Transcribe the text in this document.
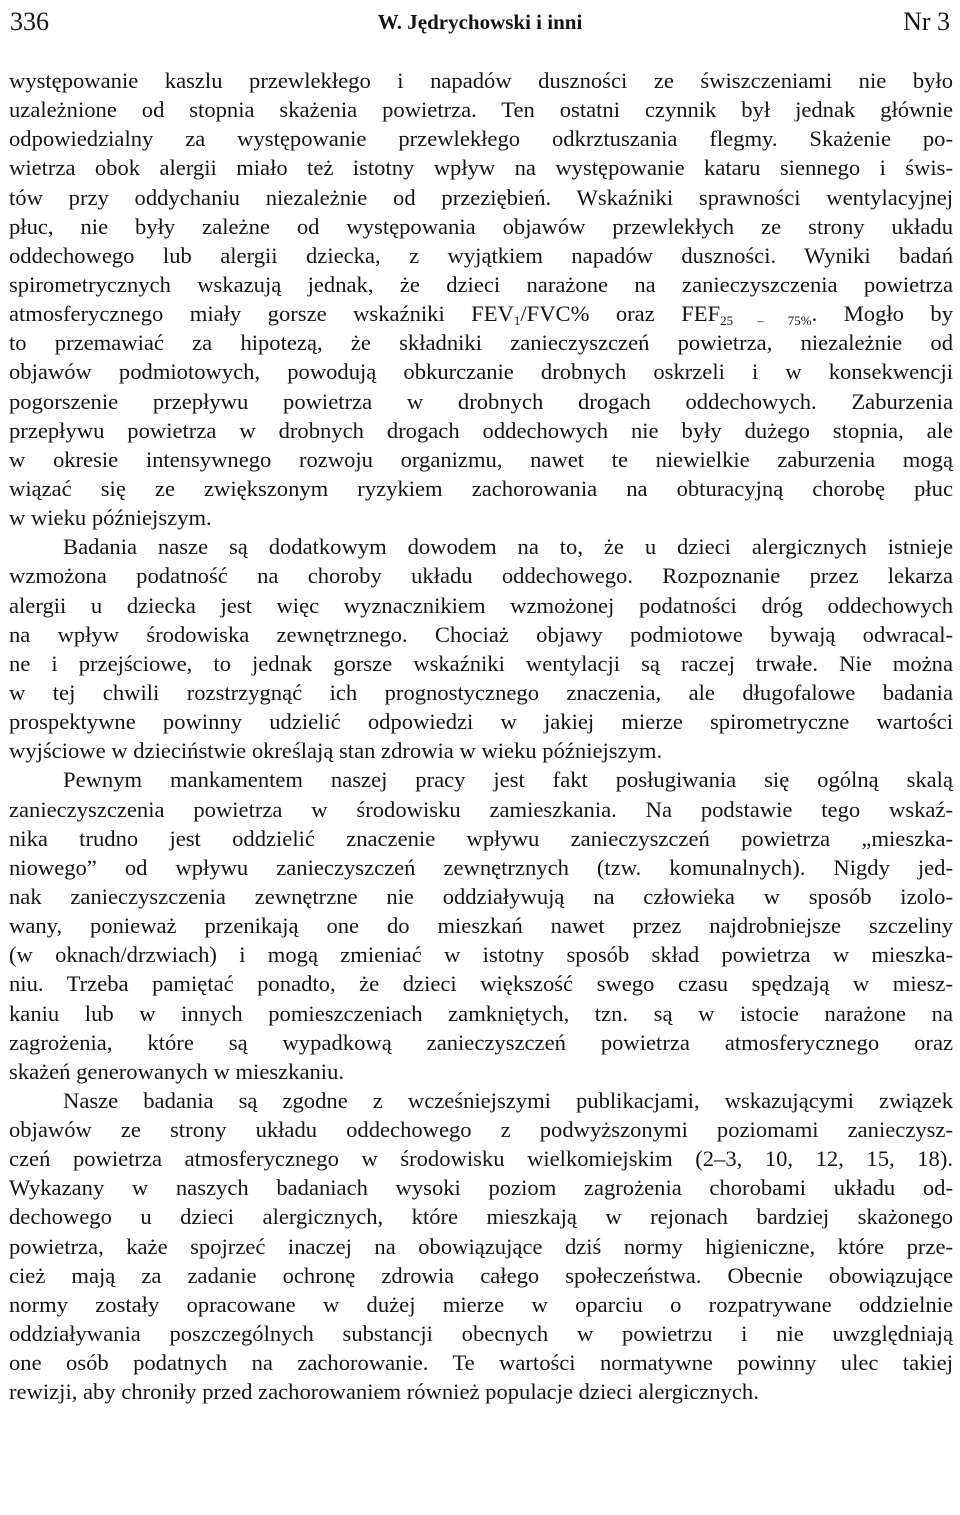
336	W. Jędrychowski i inni	Nr 3
występowanie kaszlu przewlekłego i napadów duszności ze świszczeniami nie było
uzależnione od stopnia skażenia powietrza. Ten ostatni czynnik był jednak głównie
odpowiedzialny za występowanie przewlekłego odkrztuszania flegmy. Skażenie po-
wietrza obok alergii miało też istotny wpływ na występowanie kataru siennego i świs-
tów przy oddychaniu niezależnie od przeziębień. Wskaźniki sprawności wentylacyjnej
płuc, nie były zależne od występowania objawów przewlekłych ze strony układu
oddechowego lub alergii dziecka, z wyjątkiem napadów duszności. Wyniki badań
spirometrycznych wskazują jednak, że dzieci narażone na zanieczyszczenia powietrza
atmosferycznego miały gorsze wskaźniki $FEV_1/FVC\%$ oraz $FEF_{25 - 75\%}$. Mogło by
to przemawiać za hipotezą, że składniki zanieczyszczeń powietrza, niezależnie od
objawów podmiotowych, powodują obkurczanie drobnych oskrzeli i w konsekwencji
pogorszenie przepływu powietrza w drobnych drogach oddechowych. Zaburzenia
przepływu powietrza w drobnych drogach oddechowych nie były dużego stopnia, ale
w okresie intensywnego rozwoju organizmu, nawet te niewielkie zaburzenia mogą
wiązać się ze zwiększonym ryzykiem zachorowania na obturacyjną chorobę płuc
w wieku późniejszym.
Badania nasze są dodatkowym dowodem na to, że u dzieci alergicznych istnieje
wzmożona podatność na choroby układu oddechowego. Rozpoznanie przez lekarza
alergii u dziecka jest więc wyznacznikiem wzmożonej podatności dróg oddechowych
na wpływ środowiska zewnętrznego. Chociaż objawy podmiotowe bywają odwracal-
ne i przejściowe, to jednak gorsze wskaźniki wentylacji są raczej trwałe. Nie można
w tej chwili rozstrzygnąć ich prognostycznego znaczenia, ale długofalowe badania
prospektywne powinny udzielić odpowiedzi w jakiej mierze spirometryczne wartości
wyjściowe w dzieciństwie określają stan zdrowia w wieku późniejszym.
Pewnym mankamentem naszej pracy jest fakt posługiwania się ogólną skalą
zanieczyszczenia powietrza w środowisku zamieszkania. Na podstawie tego wskaź-
nika trudno jest oddzielić znaczenie wpływu zanieczyszczeń powietrza „mieszka-
niowego” od wpływu zanieczyszczeń zewnętrznych (tzw. komunalnych). Nigdy jed-
nak zanieczyszczenia zewnętrzne nie oddziaływują na człowieka w sposób izolo-
wany, ponieważ przenikają one do mieszkań nawet przez najdrobniejsze szczeliny
(w oknach/drzwiach) i mogą zmieniać w istotny sposób skład powietrza w mieszka-
niu. Trzeba pamiętać ponadto, że dzieci większość swego czasu spędzają w miesz-
kaniu lub w innych pomieszczeniach zamkniętych, tzn. są w istocie narażone na
zagrożenia, które są wypadkową zanieczyszczeń powietrza atmosferycznego oraz
skażeń generowanych w mieszkaniu.
Nasze badania są zgodne z wcześniejszymi publikacjami, wskazującymi związek
objawów ze strony układu oddechowego z podwyższonymi poziomami zanieczysz-
czeń powietrza atmosferycznego w środowisku wielkomiejskim (2–3, 10, 12, 15, 18).
Wykazany w naszych badaniach wysoki poziom zagrożenia chorobami układu od-
dechowego u dzieci alergicznych, które mieszkają w rejonach bardziej skażonego
powietrza, każe spojrzeć inaczej na obowiązujące dziś normy higieniczne, które prze-
cież mają za zadanie ochronę zdrowia całego społeczeństwa. Obecnie obowiązujące
normy zostały opracowane w dużej mierze w oparciu o rozpatrywane oddzielnie
oddziaływania poszczególnych substancji obecnych w powietrzu i nie uwzględniają
one osób podatnych na zachorowanie. Te wartości normatywne powinny ulec takiej
rewizji, aby chroniły przed zachorowaniem również populacje dzieci alergicznych.
